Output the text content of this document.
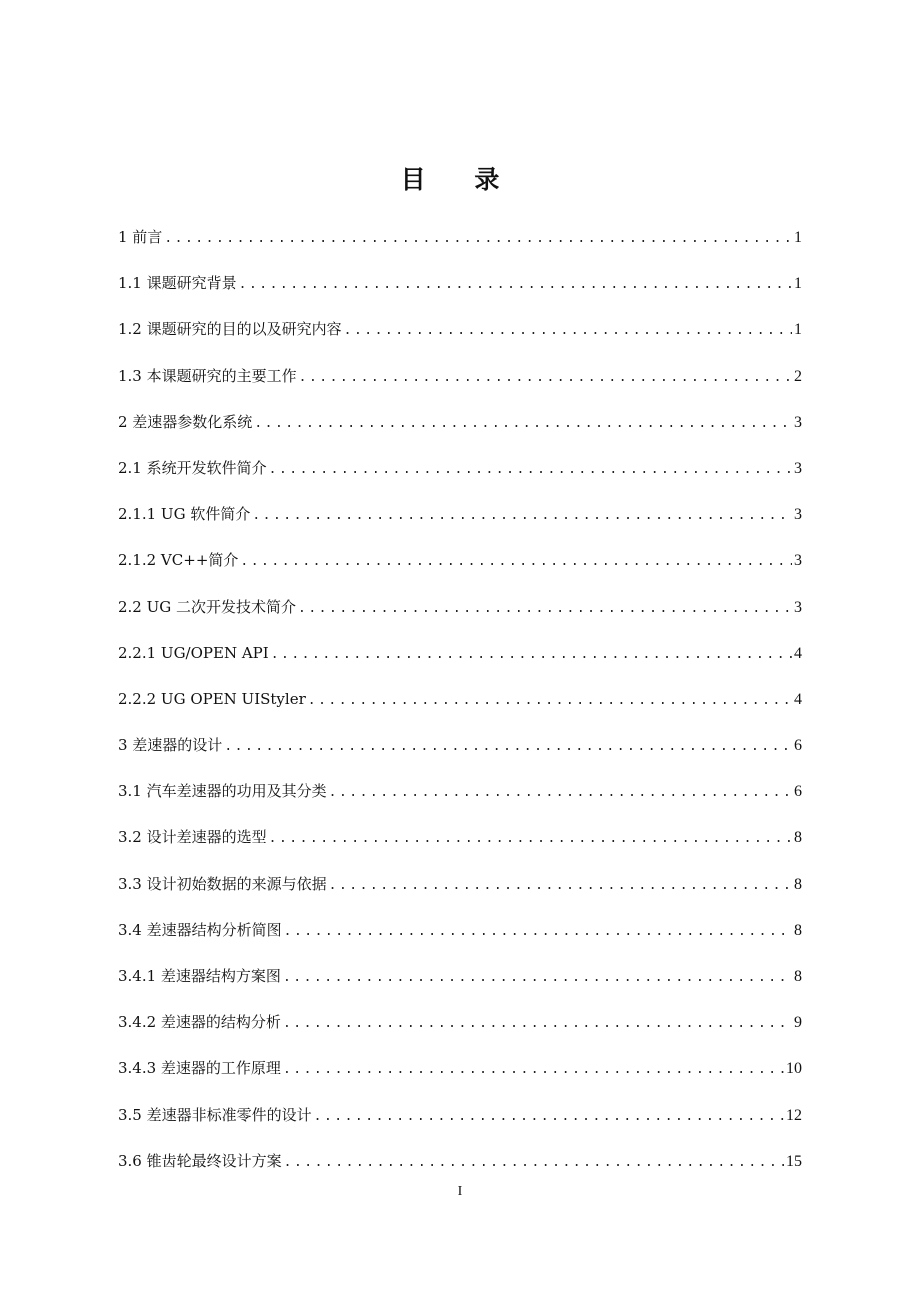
目 录
1 前言 .....	1
1.1 课题研究背景 .....	1
1.2 课题研究的目的以及研究内容 .....	1
1.3 本课题研究的主要工作 .....	2
2 差速器参数化系统 .....	3
2.1 系统开发软件简介 .....	3
2.1.1 UG 软件简介 .....	3
2.1.2 VC++简介 .....	3
2.2 UG 二次开发技术简介 .....	3
2.2.1 UG/OPEN API .....	4
2.2.2 UG OPEN UIStyler .....	4
3 差速器的设计 .....	6
3.1 汽车差速器的功用及其分类 .....	6
3.2 设计差速器的选型 .....	8
3.3 设计初始数据的来源与依据 .....	8
3.4 差速器结构分析简图 .....	8
3.4.1 差速器结构方案图 .....	8
3.4.2 差速器的结构分析 .....	9
3.4.3 差速器的工作原理 .....	10
3.5 差速器非标准零件的设计 .....	12
3.6 锥齿轮最终设计方案 .....	15
I
